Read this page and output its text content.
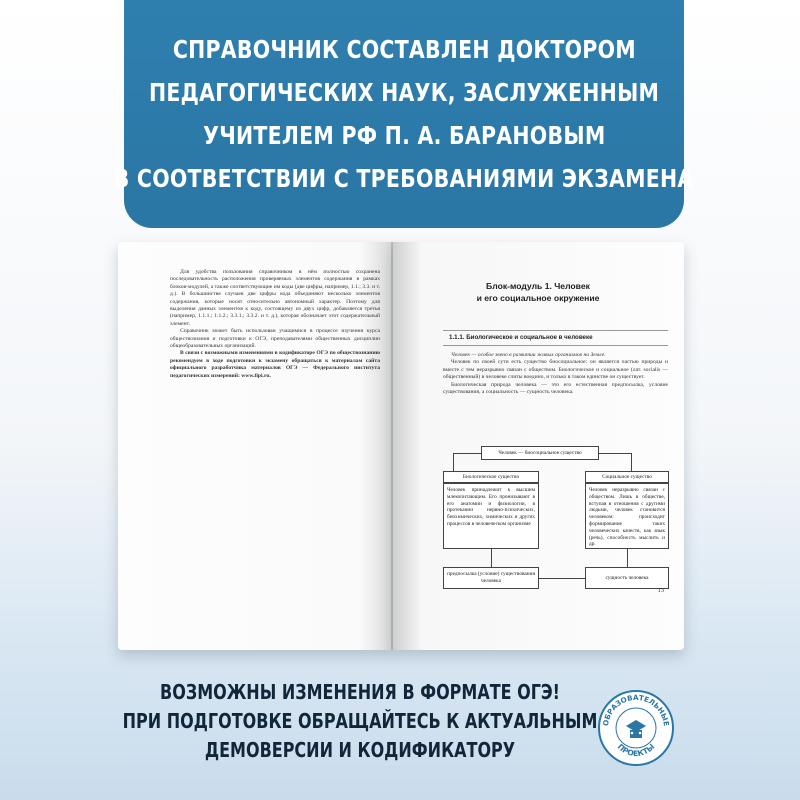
СПРАВОЧНИК СОСТАВЛЕН ДОКТОРОМ
ПЕДАГОГИЧЕСКИХ НАУК, ЗАСЛУЖЕННЫМ
УЧИТЕЛЕМ РФ П. А. БАРАНОВЫМ
В СООТВЕТСТВИИ С ТРЕБОВАНИЯМИ ЭКЗАМЕНА

Для удобства пользования справочником в нём полностью сохранена последовательность расположения проверяемых элементов содержания в рамках блоков-модулей, а также соответствующие им коды (две цифры, например, 1.1.; 3.3. и т. д.). В большинстве случаев две цифры кода объединяют несколько элементов содержания, которые носят относительно автономный характер. Поэтому для выделения данных элементов к коду, состоящему из двух цифр, добавляется третья (например, 1.1.1.; 1.1.2.; 3.3.1.; 3.3.2. и т. д.), которая обозначает этот содержательный элемент.

Справочник может быть использован учащимися в процессе изучения курса обществознания и подготовки к ОГЭ, преподавателями общественных дисциплин общеобразовательных организаций.

В связи с возможными изменениями в кодификаторе ОГЭ по обществознанию рекомендуем в ходе подготовки к экзамену обращаться к материалам сайта официального разработчика материалов ОГЭ — Федерального института педагогических измерений: www.fipi.ru.

Блок-модуль 1. Человек
и его социальное окружение
1.1.1. Биологическое и социальное в человеке

Человек — особое звено в развитии живых организмов на Земле.

Человек по своей сути есть существо биосоциальное: он является частью природы и вместе с тем неразрывно связан с обществом. Биологическое и социальное (лат. socialis — общественный) в человеке слиты воедино, и только в таком единстве он существует.

Биологическая природа человека — это его естественная предпосылка, условие существования, а социальность — сущность человека.

Человек — биосоциальное существо
Биологическое существо	Социальное существо
Человек принадлежит к высшим млекопитающим. Его пронизывают в его анатомии и физиологии, в протекании нервно-психических, биохимических, химических и других процессов в человеческом организме
Человек неразрывно связан с обществом. Лишь в обществе, вступая в отношения с другими людьми, человек становится человеком: происходит формирование таких человеческих качеств, как язык (речь), способность мыслить и др.
предпосылка (условие) существования человека	сущность человека
13
ВОЗМОЖНЫ ИЗМЕНЕНИЯ В ФОРМАТЕ ОГЭ!
ПРИ ПОДГОТОВКЕ ОБРАЩАЙТЕСЬ К АКТУАЛЬНЫМ
ДЕМОВЕРСИИ И КОДИФИКАТОРУ
ОБРАЗОВАТЕЛЬНЫЕ
ПРОЕКТЫ
